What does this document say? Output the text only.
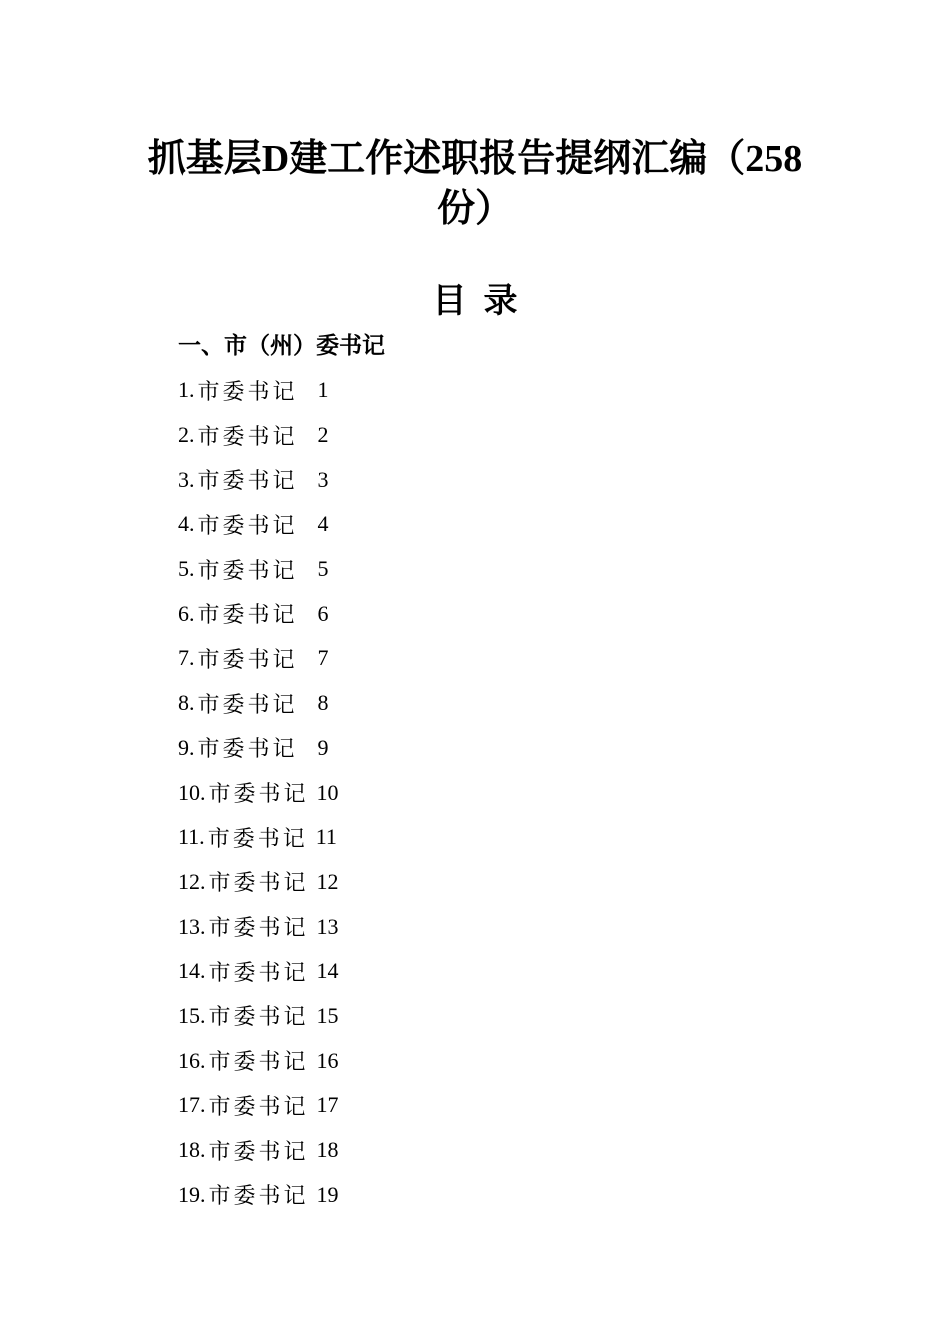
抓基层D建工作述职报告提纲汇编（258份）
目  录
一、市（州）委书记
1. 市委书记 1
2. 市委书记 2
3. 市委书记 3
4. 市委书记 4
5. 市委书记 5
6. 市委书记 6
7. 市委书记 7
8. 市委书记 8
9. 市委书记 9
10. 市委书记 10
11. 市委书记 11
12. 市委书记 12
13. 市委书记 13
14. 市委书记 14
15. 市委书记 15
16. 市委书记 16
17. 市委书记 17
18. 市委书记 18
19. 市委书记 19
